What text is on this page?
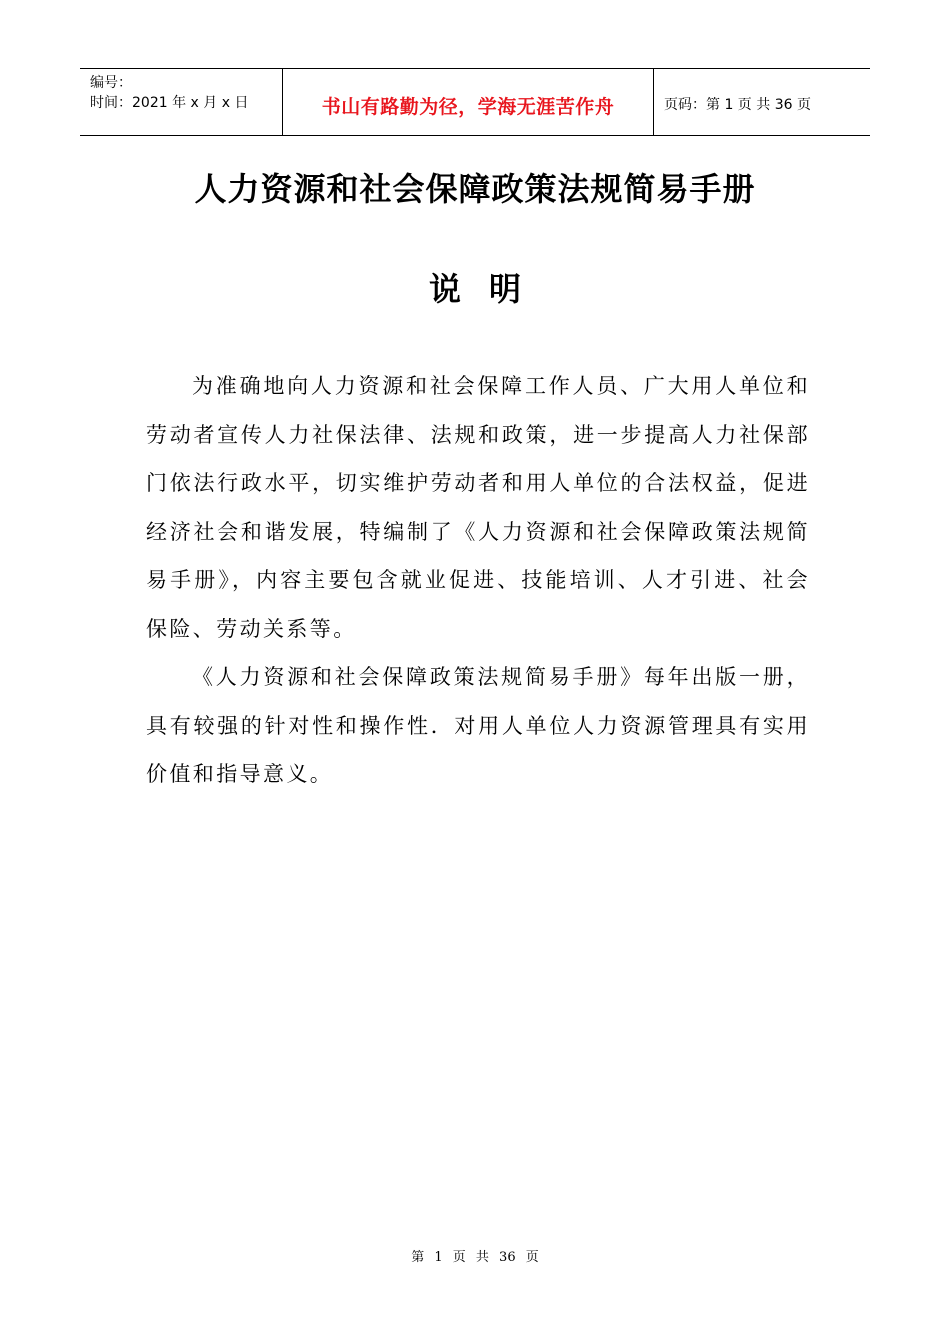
编号：
时间：2021 年 x 月 x 日	书山有路勤为径，学海无涯苦作舟	页码：第 1 页 共 36 页
人力资源和社会保障政策法规简易手册
说明

为准确地向人力资源和社会保障工作人员、广大用人单位和劳动者宣传人力社保法律、法规和政策，进一步提高人力社保部门依法行政水平，切实维护劳动者和用人单位的合法权益，促进经济社会和谐发展，特编制了《人力资源和社会保障政策法规简易手册》，内容主要包含就业促进、技能培训、人才引进、社会保险、劳动关系等。

《人力资源和社会保障政策法规简易手册》每年出版一册，具有较强的针对性和操作性．对用人单位人力资源管理具有实用价值和指导意义。

第 1 页 共 36 页
